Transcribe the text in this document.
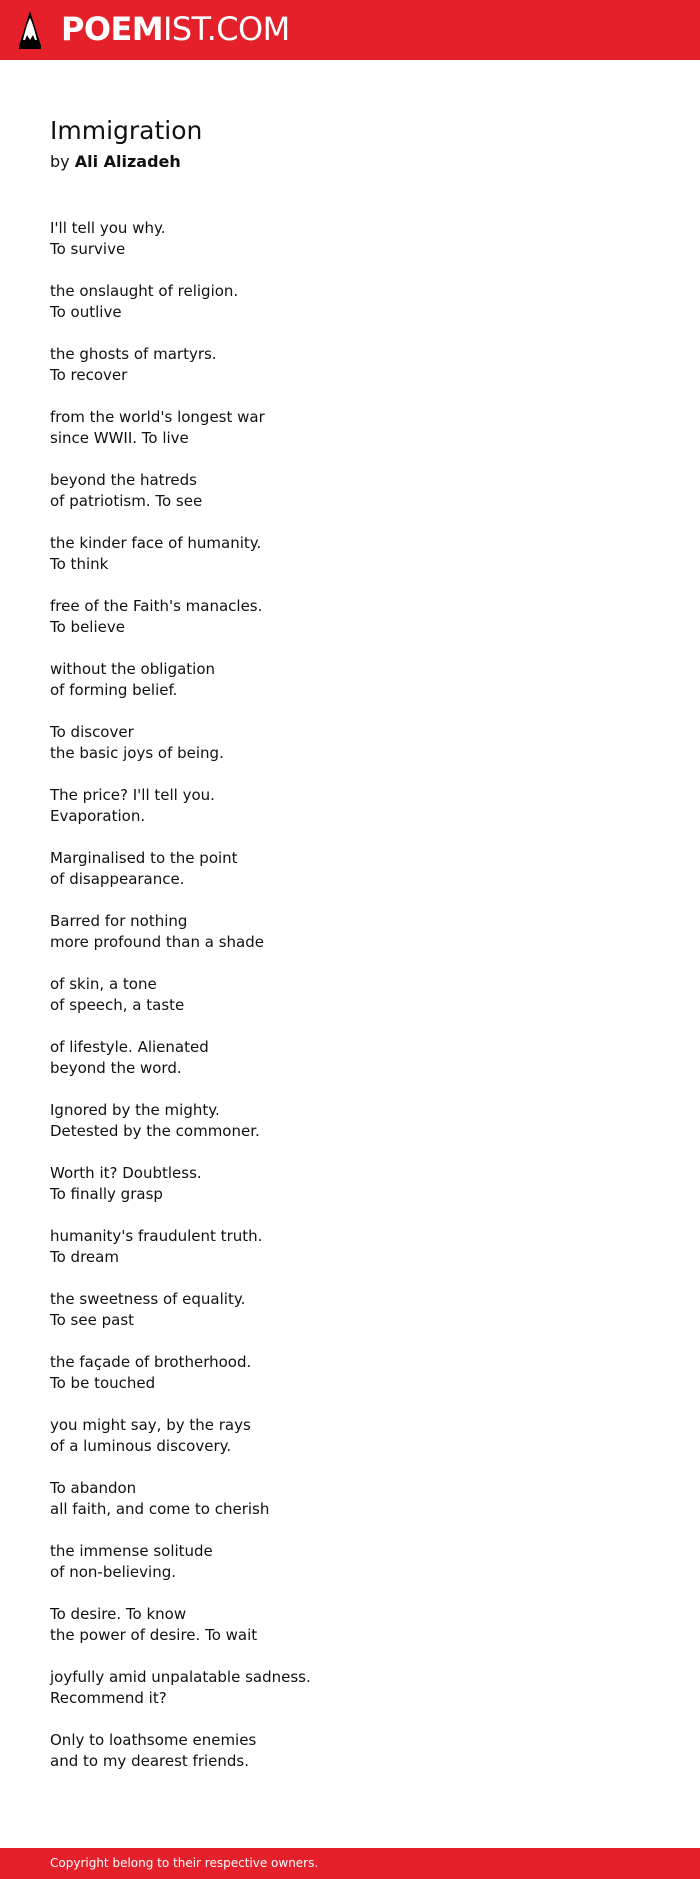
POEMIST.COM
Immigration
by Ali Alizadeh
I'll tell you why.
To survive
the onslaught of religion.
To outlive
the ghosts of martyrs.
To recover
from the world's longest war
since WWII. To live
beyond the hatreds
of patriotism. To see
the kinder face of humanity.
To think
free of the Faith's manacles.
To believe
without the obligation
of forming belief.
To discover
the basic joys of being.
The price? I'll tell you.
Evaporation.
Marginalised to the point
of disappearance.
Barred for nothing
more profound than a shade
of skin, a tone
of speech, a taste
of lifestyle. Alienated
beyond the word.
Ignored by the mighty.
Detested by the commoner.
Worth it? Doubtless.
To finally grasp
humanity's fraudulent truth.
To dream
the sweetness of equality.
To see past
the façade of brotherhood.
To be touched
you might say, by the rays
of a luminous discovery.
To abandon
all faith, and come to cherish
the immense solitude
of non-believing.
To desire. To know
the power of desire. To wait
joyfully amid unpalatable sadness.
Recommend it?
Only to loathsome enemies
and to my dearest friends.
Copyright belong to their respective owners.
